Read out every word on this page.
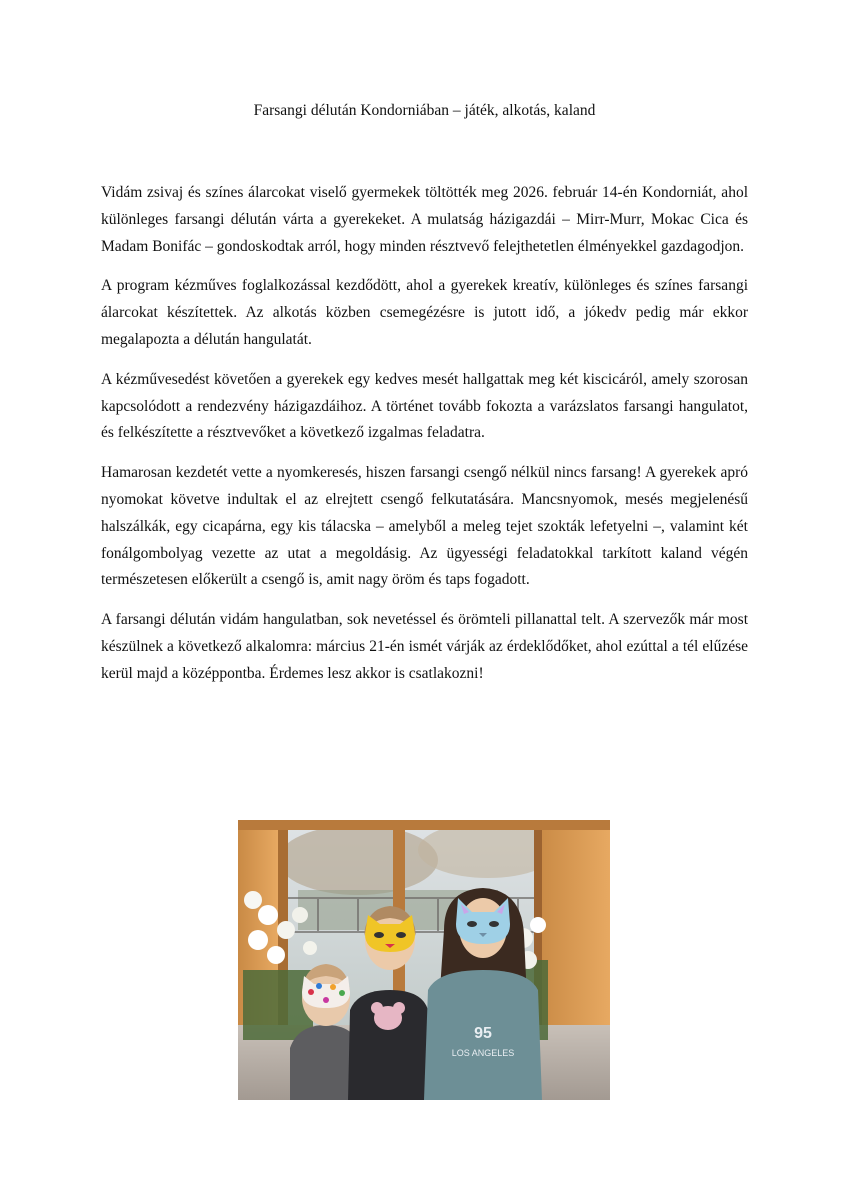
Farsangi délután Kondorniában – játék, alkotás, kaland

Vidám zsivaj és színes álarcokat viselő gyermekek töltötték meg 2026. február 14-én Kondorniát, ahol különleges farsangi délután várta a gyerekeket. A mulatság házigazdái – Mirr-Murr, Mokac Cica és Madam Bonifác – gondoskodtak arról, hogy minden résztvevő felejthetetlen élményekkel gazdagodjon.

A program kézműves foglalkozással kezdődött, ahol a gyerekek kreatív, különleges és színes farsangi álarcokat készítettek. Az alkotás közben csemegézésre is jutott idő, a jókedv pedig már ekkor megalapozta a délután hangulatát.

A kézművesedést követően a gyerekek egy kedves mesét hallgattak meg két kiscicáról, amely szorosan kapcsolódott a rendezvény házigazdáihoz. A történet tovább fokozta a varázslatos farsangi hangulatot, és felkészítette a résztvevőket a következő izgalmas feladatra.

Hamarosan kezdetét vette a nyomkeresés, hiszen farsangi csengő nélkül nincs farsang! A gyerekek apró nyomokat követve indultak el az elrejtett csengő felkutatására. Mancsnyomok, mesés megjelenésű halszálkák, egy cicapárna, egy kis tálacska – amelyből a meleg tejet szokták lefetyelni –, valamint két fonálgombolyag vezette az utat a megoldásig. Az ügyességi feladatokkal tarkított kaland végén természetesen előkerült a csengő is, amit nagy öröm és taps fogadott.

A farsangi délután vidám hangulatban, sok nevetéssel és örömteli pillanattal telt. A szervezők már most készülnek a következő alkalomra: március 21-én ismét várják az érdeklődőket, ahol ezúttal a tél elűzése kerül majd a középpontba. Érdemes lesz akkor is csatlakozni!

95
LOS ANGELES
